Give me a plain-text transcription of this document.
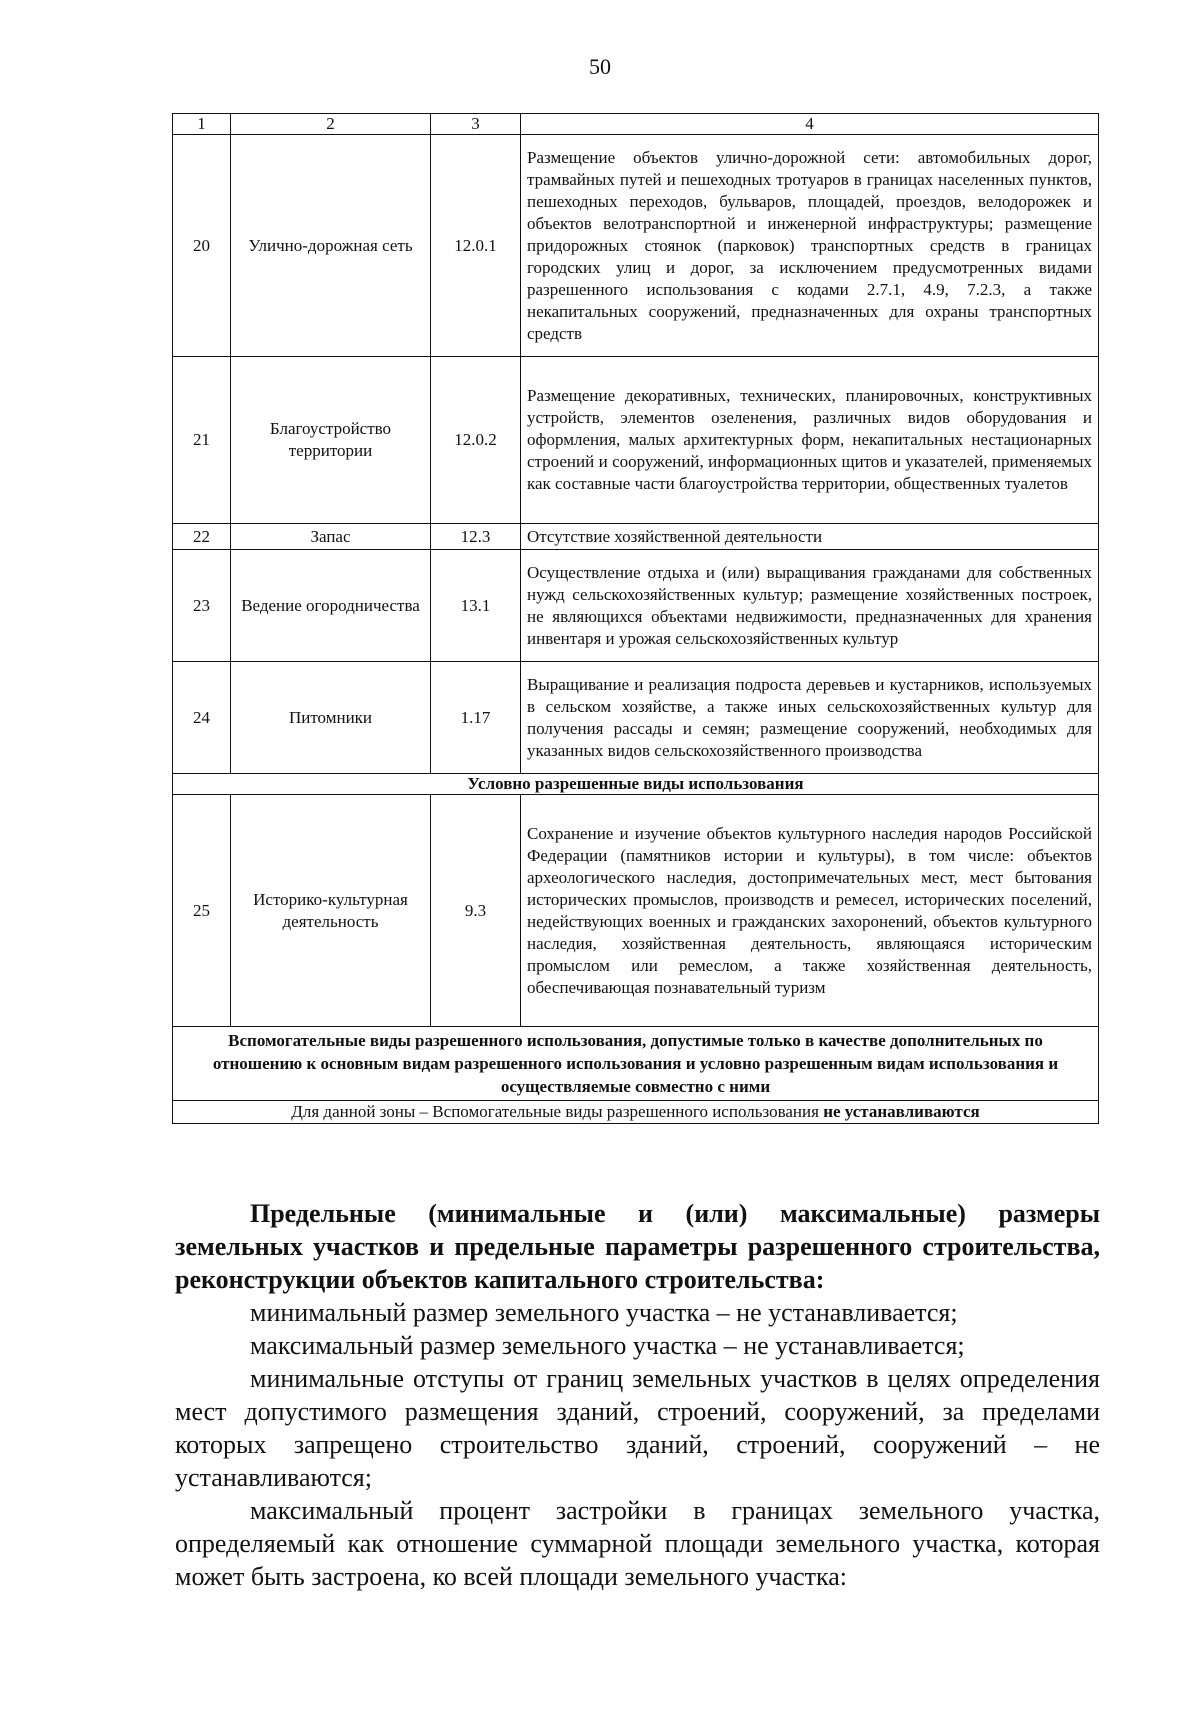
50
1	2	3	4
20	Улично-дорожная сеть	12.0.1	Размещение объектов улично-дорожной сети: автомобильных дорог, трамвайных путей и пешеходных тротуаров в границах населенных пунктов, пешеходных переходов, бульваров, площадей, проездов, велодорожек и объектов велотранспортной и инженерной инфраструктуры; размещение придорожных стоянок (парковок) транспортных средств в границах городских улиц и дорог, за исключением предусмотренных видами разрешенного использования с кодами 2.7.1, 4.9, 7.2.3, а также некапитальных сооружений, предназначенных для охраны транспортных средств
21	Благоустройство территории	12.0.2	Размещение декоративных, технических, планировочных, конструктивных устройств, элементов озеленения, различных видов оборудования и оформления, малых архитектурных форм, некапитальных нестационарных строений и сооружений, информационных щитов и указателей, применяемых как составные части благоустройства территории, общественных туалетов
22	Запас	12.3	Отсутствие хозяйственной деятельности
23	Ведение огородничества	13.1	Осуществление отдыха и (или) выращивания гражданами для собственных нужд сельскохозяйственных культур; размещение хозяйственных построек, не являющихся объектами недвижимости, предназначенных для хранения инвентаря и урожая сельскохозяйственных культур
24	Питомники	1.17	Выращивание и реализация подроста деревьев и кустарников, используемых в сельском хозяйстве, а также иных сельскохозяйственных культур для получения рассады и семян; размещение сооружений, необходимых для указанных видов сельскохозяйственного производства
Условно разрешенные виды использования			
25	Историко-культурная деятельность	9.3	Сохранение и изучение объектов культурного наследия народов Российской Федерации (памятников истории и культуры), в том числе: объектов археологического наследия, достопримечательных мест, мест бытования исторических промыслов, производств и ремесел, исторических поселений, недействующих военных и гражданских захоронений, объектов культурного наследия, хозяйственная деятельность, являющаяся историческим промыслом или ремеслом, а также хозяйственная деятельность, обеспечивающая познавательный туризм
Вспомогательные виды разрешенного использования, допустимые только в качестве дополнительных по отношению к основным видам разрешенного использования и условно разрешенным видам использования и осуществляемые совместно с ними			
Для данной зоны – Вспомогательные виды разрешенного использования не устанавливаются			

Предельные (минимальные и (или) максимальные) размеры земельных участков и предельные параметры разрешенного строительства, реконструкции объектов капитального строительства:

минимальный размер земельного участка – не устанавливается;

максимальный размер земельного участка – не устанавливается;

минимальные отступы от границ земельных участков в целях определения мест допустимого размещения зданий, строений, сооружений, за пределами которых запрещено строительство зданий, строений, сооружений – не устанавливаются;

максимальный процент застройки в границах земельного участка, определяемый как отношение суммарной площади земельного участка, которая может быть застроена, ко всей площади земельного участка:
